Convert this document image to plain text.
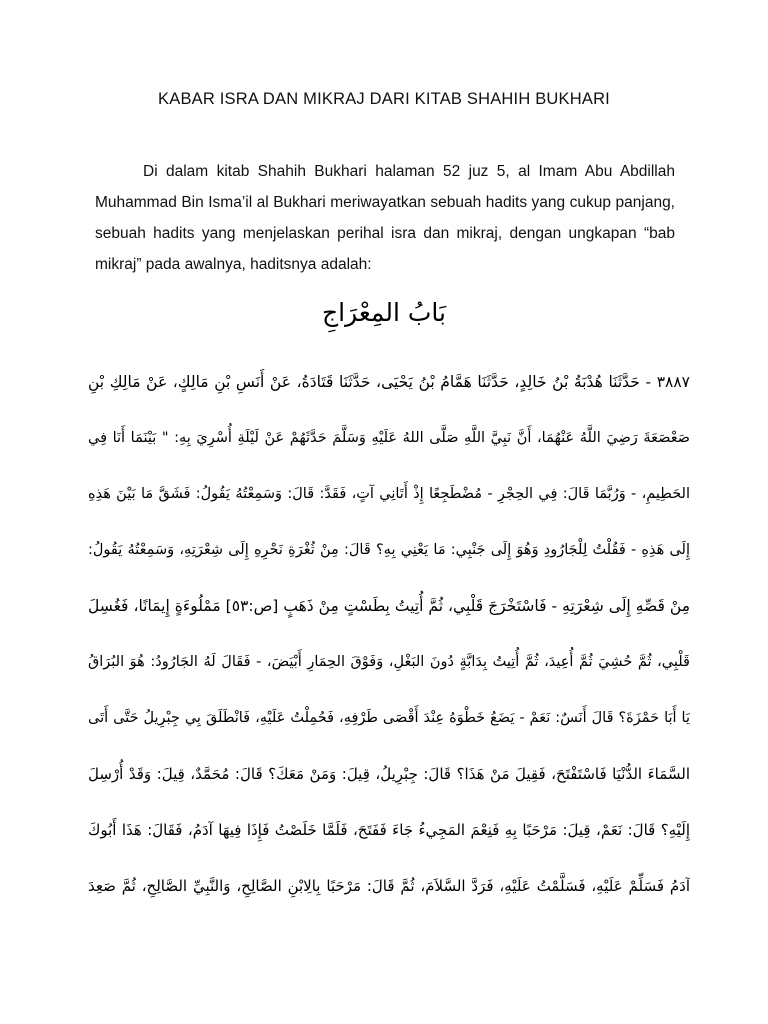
KABAR ISRA DAN MIKRAJ DARI KITAB SHAHIH BUKHARI
Di dalam kitab Shahih Bukhari halaman 52 juz 5, al Imam Abu Abdillah Muhammad Bin Isma’il al Bukhari meriwayatkan sebuah hadits yang cukup panjang, sebuah hadits yang menjelaskan perihal isra dan mikraj, dengan ungkapan “bab mikraj” pada awalnya, haditsnya adalah:
بَابُ المِعْرَاجِ
٣٨٨٧ - حَدَّثَنَا هُدْبَةُ بْنُ خَالِدٍ، حَدَّثَنَا هَمَّامُ بْنُ يَحْيَى، حَدَّثَنَا قَتَادَةُ، عَنْ أَنَسِ بْنِ مَالِكٍ، عَنْ مَالِكِ بْنِ
صَعْصَعَةَ رَضِيَ اللَّهُ عَنْهُمَا، أَنَّ نَبِيَّ اللَّهِ صَلَّى اللهُ عَلَيْهِ وَسَلَّمَ حَدَّثَهُمْ عَنْ لَيْلَةِ أُسْرِيَ بِهِ: " بَيْنَمَا أَنَا فِي
الحَطِيمِ، - وَرُبَّمَا قَالَ: فِي الحِجْرِ - مُضْطَجِعًا إِذْ أَتَانِي آتٍ، فَقَدَّ: قَالَ: وَسَمِعْتُهُ يَقُولُ: فَشَقَّ مَا بَيْنَ هَذِهِ
إِلَى هَذِهِ - فَقُلْتُ لِلْجَارُودِ وَهُوَ إِلَى جَنْبِي: مَا يَعْنِي بِهِ؟ قَالَ: مِنْ ثُغْرَةِ نَحْرِهِ إِلَى شِعْرَتِهِ، وَسَمِعْتُهُ يَقُولُ:
مِنْ قَصِّهِ إِلَى شِعْرَتِهِ - فَاسْتَخْرَجَ قَلْبِي، ثُمَّ أُتِيتُ بِطَسْتٍ مِنْ ذَهَبٍ [ص:٥٣] مَمْلُوءَةٍ إِيمَانًا، فَغُسِلَ
قَلْبِي، ثُمَّ حُشِيَ ثُمَّ أُعِيدَ، ثُمَّ أُتِيتُ بِدَابَّةٍ دُونَ البَغْلِ، وَفَوْقَ الحِمَارِ أَبْيَضَ، - فَقَالَ لَهُ الجَارُودُ: هُوَ البُرَاقُ
يَا أَبَا حَمْزَةَ؟ قَالَ أَنَسٌ: نَعَمْ - يَضَعُ خَطْوَهُ عِنْدَ أَقْصَى طَرْفِهِ، فَحُمِلْتُ عَلَيْهِ، فَانْطَلَقَ بِي جِبْرِيلُ حَتَّى أَتَى
السَّمَاءَ الدُّنْيَا فَاسْتَفْتَحَ، فَقِيلَ مَنْ هَذَا؟ قَالَ: جِبْرِيلُ، قِيلَ: وَمَنْ مَعَكَ؟ قَالَ: مُحَمَّدٌ، قِيلَ: وَقَدْ أُرْسِلَ
إِلَيْهِ؟ قَالَ: نَعَمْ، قِيلَ: مَرْحَبًا بِهِ فَنِعْمَ المَجِيءُ جَاءَ فَفَتَحَ، فَلَمَّا خَلَصْتُ فَإِذَا فِيهَا آدَمُ، فَقَالَ: هَذَا أَبُوكَ
آدَمُ فَسَلِّمْ عَلَيْهِ، فَسَلَّمْتُ عَلَيْهِ، فَرَدَّ السَّلاَمَ، ثُمَّ قَالَ: مَرْحَبًا بِالِابْنِ الصَّالِحِ، وَالنَّبِيِّ الصَّالِحِ، ثُمَّ صَعِدَ
